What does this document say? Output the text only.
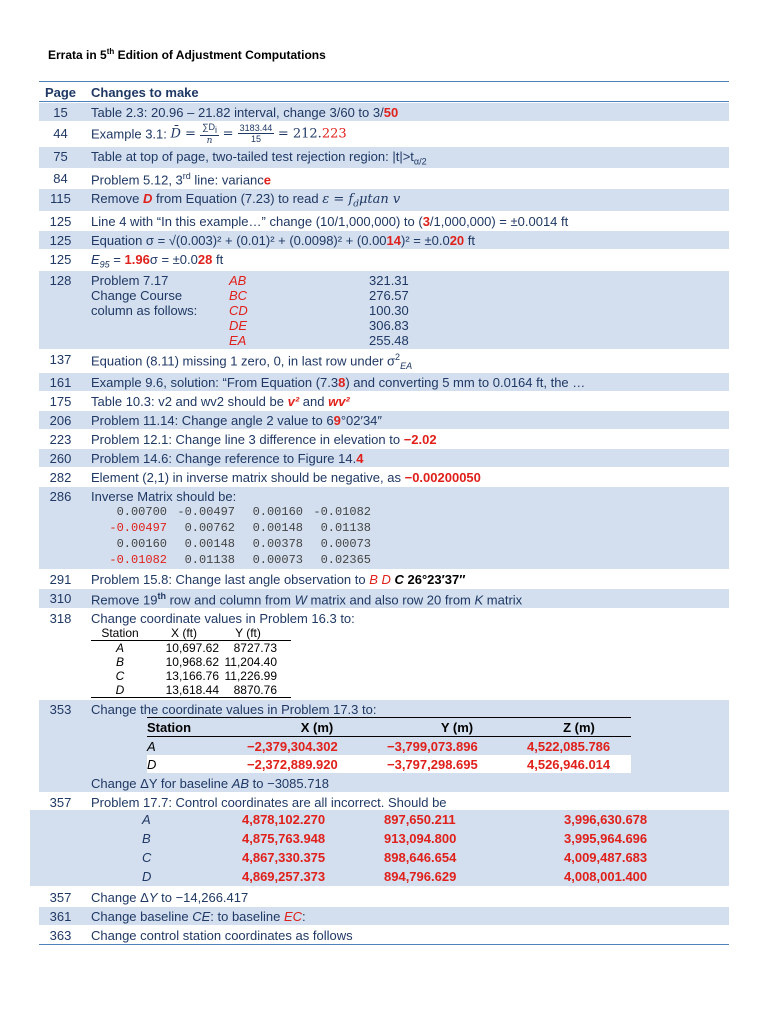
Errata in 5th Edition of Adjustment Computations
Page	Changes to make
15	Table 2.3: 20.96 – 21.82 interval, change 3/60 to 3/50
44	Example 3.1: D̄ = $\frac{\sum Di}{n} = \frac{3183.44}{15} = 212.223$
75	Table at top of page, two-tailed test rejection region: $|t|>t_{\alpha/2}$
84	Problem 5.12, 3rd line: variance
115	Remove D from Equation (7.23) to read $\varepsilon = f_d\mu\tan$ v
125	Line 4 with “In this example…” change (10/1,000,000) to (3/1,000,000) = ±0.0014 ft
125	Equation σ = √(0.003)² + (0.01)² + (0.0098)² + (0.0014)² = ±0.020 ft
125	$E_{95} = 1.96\sigma = \pm 0.028$ ft
128	Problem 7.17	AB	321.31
Change Course	BC	276.57
column as follows:	CD	100.30
DE	306.83
EA	255.48
137	Equation (8.11) missing 1 zero, 0, in last row under $\sigma^2_{EA}$
161	Example 9.6, solution: “From Equation (7.38) and converting 5 mm to 0.0164 ft, the …
175	Table 10.3: v2 and wv2 should be v² and wv²
206	Problem 11.14: Change angle 2 value to 69°02′34″
223	Problem 12.1: Change line 3 difference in elevation to −2.02
260	Problem 14.6: Change reference to Figure 14.4
282	Element (2,1) in inverse matrix should be negative, as −0.00200050
286	Inverse Matrix should be:
0.00700 -0.00497 0.00160 -0.01082
-0.00497 0.00762 0.00148 0.01138
0.00160 0.00148 0.00378 0.00073
-0.01082 0.01138 0.00073 0.02365
291	Problem 15.8: Change last angle observation to B D C 26°23′37″
310	Remove 19th row and column from W matrix and also row 20 from K matrix
318	Change coordinate values in Problem 16.3 to:
Station	X (ft)	Y (ft)
A	10,697.62	8727.73
B	10,968.62 11,204.40
C	13,166.76 11,226.99
D	13,618.44	8870.76
353	Change the coordinate values in Problem 17.3 to:
Station	X (m)	Y (m)	Z (m)
A	−2,379,304.302	−3,799,073.896	4,522,085.786
D	−2,372,889.920	−3,797,298.695	4,526,946.014
Change ΔY for baseline AB to −3085.718
357	Problem 17.7: Control coordinates are all incorrect. Should be
A	4,878,102.270	897,650.211	3,996,630.678
B	4,875,763.948	913,094.800	3,995,964.696
C	4,867,330.375	898,646.654	4,009,487.683
D	4,869,257.373	894,796.629	4,008,001.400
357	Change ΔY to −14,266.417
361	Change baseline CE: to baseline EC:
363	Change control station coordinates as follows
